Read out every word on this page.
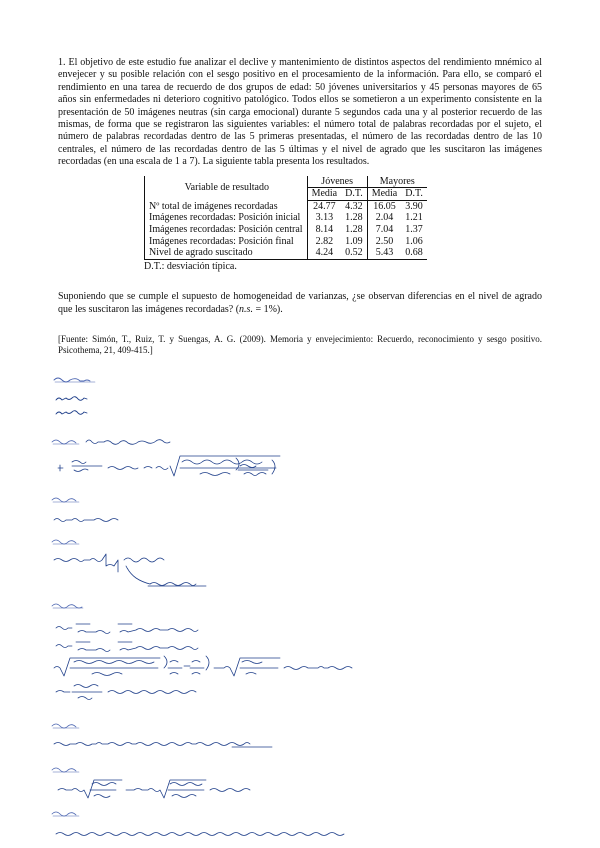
1. El objetivo de este estudio fue analizar el declive y mantenimiento de distintos aspectos del rendimiento mnémico al envejecer y su posible relación con el sesgo positivo en el procesamiento de la información. Para ello, se comparó el rendimiento en una tarea de recuerdo de dos grupos de edad: 50 jóvenes universitarios y 45 personas mayores de 65 años sin enfermedades ni deterioro cognitivo patológico. Todos ellos se sometieron a un experimento consistente en la presentación de 50 imágenes neutras (sin carga emocional) durante 5 segundos cada una y al posterior recuerdo de las mismas, de forma que se registraron las siguientes variables: el número total de palabras recordadas por el sujeto, el número de palabras recordadas dentro de las 5 primeras presentadas, el número de las recordadas dentro de las 10 centrales, el número de las recordadas dentro de las 5 últimas y el nivel de agrado que les suscitaron las imágenes recordadas (en una escala de 1 a 7). La siguiente tabla presenta los resultados.

Variable de resultado	Jóvenes		Mayores	
	Media	D.T.	Media	D.T.
Nº total de imágenes recordadas	24.77	4.32	16.05	3.90
Imágenes recordadas: Posición inicial	3.13	1.28	2.04	1.21
Imágenes recordadas: Posición central	8.14	1.28	7.04	1.37
Imágenes recordadas: Posición final	2.82	1.09	2.50	1.06
Nivel de agrado suscitado	4.24	0.52	5.43	0.68
D.T.: desviación típica.

Suponiendo que se cumple el supuesto de homogeneidad de varianzas, ¿se observan diferencias en el nivel de agrado que les suscitaron las imágenes recordadas? (n.s. = 1%).

[Fuente: Simón, T., Ruiz, T. y Suengas, A. G. (2009). Memoria y envejecimiento: Recuerdo, reconocimiento y sesgo positivo. Psicothema, 21, 409-415.]
